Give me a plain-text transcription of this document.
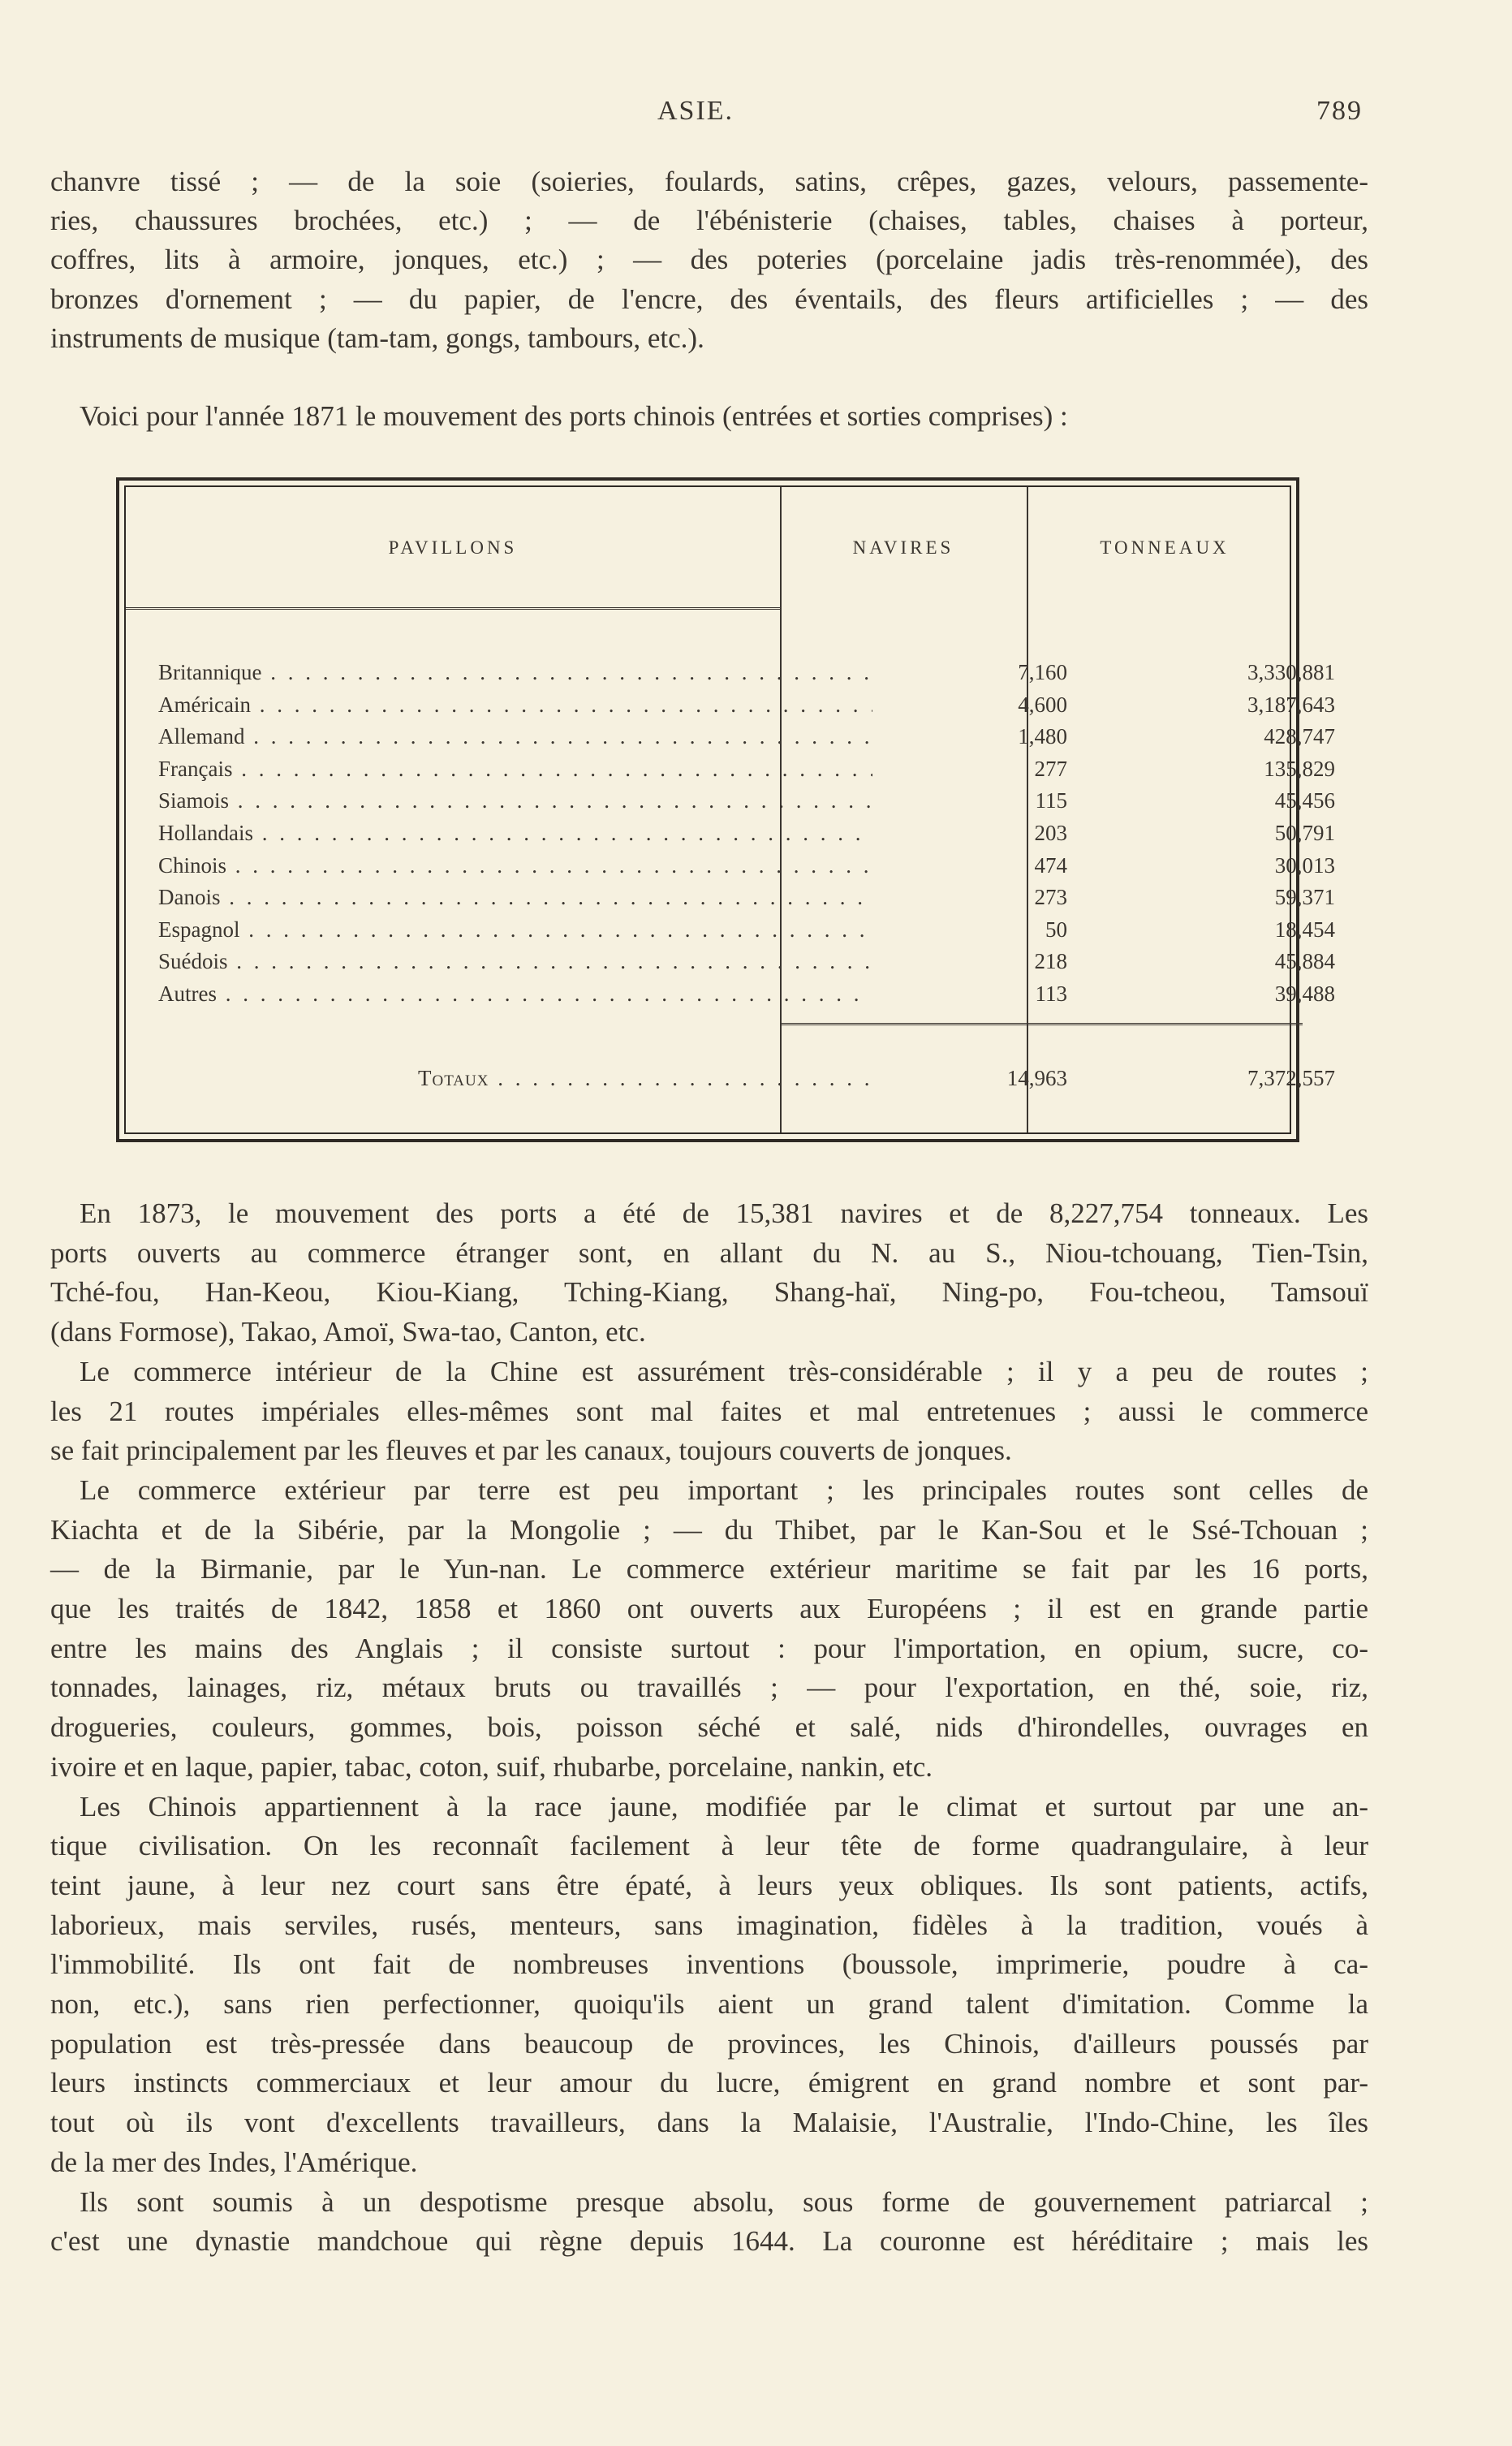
ASIE.	789
chanvre tissé ; — de la soie (soieries, foulards, satins, crêpes, gazes, velours, passemente-
ries, chaussures brochées, etc.) ; — de l'ébénisterie (chaises, tables, chaises à porteur,
coffres, lits à armoire, jonques, etc.) ; — des poteries (porcelaine jadis très-renommée), des
bronzes d'ornement ; — du papier, de l'encre, des éventails, des fleurs artificielles ; — des
instruments de musique (tam-tam, gongs, tambours, etc.).
Voici pour l'année 1871 le mouvement des ports chinois (entrées et sorties comprises) :
PAVILLONS	NAVIRES	TONNEAUX
Britannique . . .	7,160	3,330,881
Américain . . .	4,600	3,187,643
Allemand . . .	1,480	428,747
Français . . .	277	135,829
Siamois . . .	115	45,456
Hollandais . . .	203	50,791
Chinois . . .	474	30,013
Danois . . .	273	59,371
Espagnol . . .	50	18,454
Suédois . . .	218	45,884
Autres . . .	113	39,488
Totaux . . .	14,963	7,372,557
En 1873, le mouvement des ports a été de 15,381 navires et de 8,227,754 tonneaux. Les
ports ouverts au commerce étranger sont, en allant du N. au S., Niou-tchouang, Tien-Tsin,
Tché-fou, Han-Keou, Kiou-Kiang, Tching-Kiang, Shang-haï, Ning-po, Fou-tcheou, Tamsouï
(dans Formose), Takao, Amoï, Swa-tao, Canton, etc.
Le commerce intérieur de la Chine est assurément très-considérable ; il y a peu de routes ;
les 21 routes impériales elles-mêmes sont mal faites et mal entretenues ; aussi le commerce
se fait principalement par les fleuves et par les canaux, toujours couverts de jonques.
Le commerce extérieur par terre est peu important ; les principales routes sont celles de
Kiachta et de la Sibérie, par la Mongolie ; — du Thibet, par le Kan-Sou et le Ssé-Tchouan ;
— de la Birmanie, par le Yun-nan. Le commerce extérieur maritime se fait par les 16 ports,
que les traités de 1842, 1858 et 1860 ont ouverts aux Européens ; il est en grande partie
entre les mains des Anglais ; il consiste surtout : pour l'importation, en opium, sucre, co-
tonnades, lainages, riz, métaux bruts ou travaillés ; — pour l'exportation, en thé, soie, riz,
drogueries, couleurs, gommes, bois, poisson séché et salé, nids d'hirondelles, ouvrages en
ivoire et en laque, papier, tabac, coton, suif, rhubarbe, porcelaine, nankin, etc.
Les Chinois appartiennent à la race jaune, modifiée par le climat et surtout par une an-
tique civilisation. On les reconnaît facilement à leur tête de forme quadrangulaire, à leur
teint jaune, à leur nez court sans être épaté, à leurs yeux obliques. Ils sont patients, actifs,
laborieux, mais serviles, rusés, menteurs, sans imagination, fidèles à la tradition, voués à
l'immobilité. Ils ont fait de nombreuses inventions (boussole, imprimerie, poudre à ca-
non, etc.), sans rien perfectionner, quoiqu'ils aient un grand talent d'imitation. Comme la
population est très-pressée dans beaucoup de provinces, les Chinois, d'ailleurs poussés par
leurs instincts commerciaux et leur amour du lucre, émigrent en grand nombre et sont par-
tout où ils vont d'excellents travailleurs, dans la Malaisie, l'Australie, l'Indo-Chine, les îles
de la mer des Indes, l'Amérique.
Ils sont soumis à un despotisme presque absolu, sous forme de gouvernement patriarcal ;
c'est une dynastie mandchoue qui règne depuis 1644. La couronne est héréditaire ; mais les
